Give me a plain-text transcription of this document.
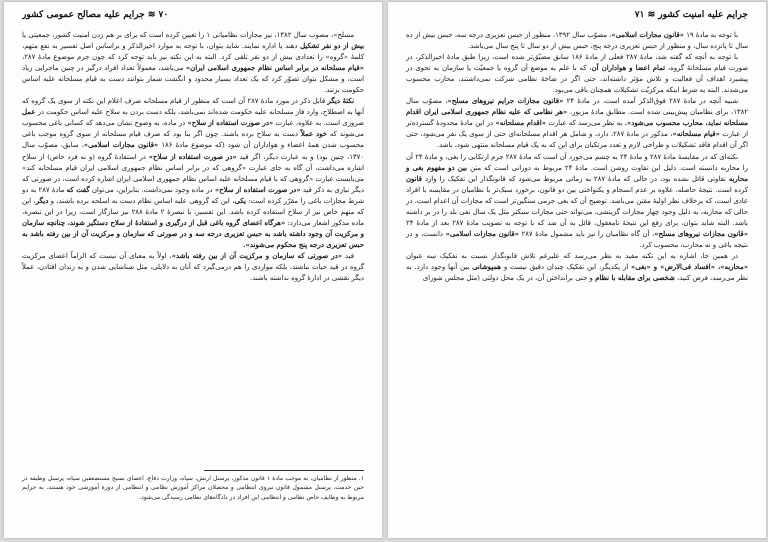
۷۰ ≋ جرایم علیه مصالح عمومی کشور

مسلح»، مصوب سال ۱۳۸۲، نیز مجازات نظامیانی ۱ را تعیین کرده است که برای بر هم زدن امنیت کشور، جمعیتی یا بیش از دو نفر تشکیل دهند یا اداره نمایند. شاید بتوان، با توجه به موارد اخیرالذکر و براساس اصل تفسیر به نفع متهم، کلمهٔ «گروه» را تعدادی بیش از دو نفر تلقی کرد. البته به این نکته نیز باید توجه کرد که چون جرم موضوع مادهٔ ۲۸۷، «قیام مسلحانه در برابر اساس نظام جمهوری اسلامی ایران» می‌باشد، معمولاً تعداد افراد درگیر در چنین ماجرایی زیاد است، و مشکل بتوان تصوّر کرد که یک تعداد بسیار محدود و انگشت شمار بتوانند دست به قیام مسلحانه علیه اساس حکومت بزنند.

نکتهٔ دیگر قابل ذکر در مورد مادهٔ ۲۸۷ آن است که منظور از قیام مسلحانه صرف اعلام این نکته از سوی یک گروه که آنها به اصطلاح، وارد فاز مسلحانه علیه حکومت شده‌اند نمی‌باشد، بلکه دست بردن به سلاح علیه اساس حکومت در عمل ضروری است. به علاوه، عبارت «در صورت استفاده از سلاح» در ماده، به وضوح نشان می‌دهد که کسانی باغی محسوب می‌شوند که خود عملاً دست به سلاح برده باشند. چون اگر بنا بود که صرف قیام مسلحانه از سوی گروه موجب باغی محسوب شدن همهٔ اعضاء و هواداران آن شود (که موضوع مادهٔ ۱۸۶ «قانون مجازات اسلامی»، سابق، مصوّب سال ۱۳۷۰، چنین بود) و به عبارت دیگر، اگر قید «در صورت استفاده از سلاح» در استفادهٔ گروه (و نه فرد خاص) از سلاح اشاره می‌داشت، آن گاه به جای عبارت «گروهی که در برابر اساس نظام جمهوری اسلامی ایران قیام مسلحانه کند» می‌بایست عبارت «گروهی که با قیام مسلحانه علیه اساس نظام جمهوری اسلامی ایران اشاره کرده است، در صورتی که دیگر نیازی به ذکر قید «در صورت استفاده از سلاح» در ماده وجود نمی‌داشت. بنابراین، می‌توان گفت که مادهٔ ۲۸۷ به دو شرط مجازات باغی را مقرّر کرده است: یکی، این که گروهی علیه اساس نظام دست به اسلحه برده باشند، و دیگر، این که متهم خاص نیز از سلاح استفاده کرده باشد. این تفسیر، با تبصرهٔ ۲ مادهٔ ۲۸۸ نیز سازگار است، زیرا در این تبصره، ماده مذکور اشعار می‌دارد: «هرگاه اعضای گروه باغی قبل از درگیری و استفادهٔ از سلاح دستگیر شوند، چنانچه سازمان و مرکزیت آن وجود داشته باشد به حبس تعزیری درجه سه و در صورتی که سازمان و مرکزیت آن از بین رفته باشد به حبس تعزیری درجه پنج محکوم می‌شوند».

قید «در صورتی که سازمان و مرکزیت آن از بین رفته باشد»، اولاً به معنای آن نیست که الزاماً اعضای مرکزیت گروه در قید حیات نباشند، بلکه مواردی را هم درمی‌گیرد که آنان به دلایلی، مثل شناسایی شدن و به زندان افتادن، عملاً دیگر نقشی در ادارهٔ گروه نداشته باشند.

۱. منظور از نظامیان، به موجب مادهٔ ۱ قانون مذکور، پرسنل ارتش، سپاه، وزارت دفاع، اعضای بسیج مستضعفین سپاه، پرسنل وظیفه در حین خدمت، پرسنل مشمول قانون نیروی انتظامی و محصلان مراکز آموزش نظامی و انتظامی از دورهٔ آموزشی خود هستند. به جرایم مربوط به وظایف خاص نظامی و انتظامی این افراد در دادگاه‌های نظامی رسیدگی می‌شود.
جرایم علیه امنیت کشور ≋ ۷۱

با توجه به مادهٔ ۱۹ «قانون مجازات اسلامی»، مصوّب سال ۱۳۹۲، منظور از حبس تعزیری درجه سه، حبس بیش از ده سال تا پانزده سال، و منظور از حبس تعزیری درجه پنج، حبس بیش از دو سال تا پنج سال می‌باشد.

با توجه به آنچه که گفته شد، مادهٔ ۲۸۷ فعلی از مادهٔ ۱۸۶ سابق مضیّق‌تر شده است، زیرا طبق مادهٔ اخیرالذکر، در صورت قیام مسلحانهٔ گروه، تمام اعضا و هواداران آن، که با علم به موضع آن گروه یا جمعیّت یا سازمان به نحوی در پیشبرد اهداف آن فعالیت و تلاش مؤثر داشته‌اند، حتی اگر در شاخهٔ نظامی شرکت نمی‌داشتند، محارب محسوب می‌شدند. البته به شرط اینکه مرکزیّت تشکیلات همچنان باقی می‌بود.

شبیه آنچه در مادهٔ ۲۸۷ فوق‌الذکر آمده است، در مادهٔ ۲۴ «قانون مجازات جرایم نیروهای مسلح»، مصوّب سال ۱۳۸۲، برای نظامیان پیش‌بینی شده است. مطابق مادهٔ مزبور، «هر نظامی که علیه نظام جمهوری اسلامی ایران اقدام مسلحانه نماید، محارب محسوب می‌شود». به نظر می‌رسد که عبارت «اقدام مسلحانه» در این مادهٔ محدودهٔ گسترده‌تر از عبارت «قیام مسلحانه»، مذکور در مادهٔ ۲۸۷، دارد، و شامل هر اقدام مسلحانه‌ای حتی از سوی یک نفر می‌شود، حتی اگر آن اقدام فاقد تشکیلات و طراحی لازم و تعدد مرتکبان برای این که به یک قیام مسلحانه منتهی شود، باشد.

نکته‌ای که در مقایسهٔ مادهٔ ۲۸۷ و مادهٔ ۲۴ به چشم می‌خورد آن است که مادهٔ ۲۸۷ جرم ارتکابی را بغی، و مادهٔ ۲۴ آن را محاربه دانسته است. دلیل این تفاوت روشن است. مادهٔ ۲۴ مربوط به دورانی است که متن بین دو مفهوم بغی و محاربه تفاوتی قائل نشده بود، در حالی که مادهٔ ۲۸۷ به زمانی مربوط می‌شود که قانونگذار این تفکیک را وارد قانون کرده است. نتیجهٔ حاصله، علاوه بر عدم انسجام و یکنواختی بین دو قانون، برخورد سبک‌تر با نظامیان در مقایسه با افراد عادی است، که برخلاف نظر اولیهٔ مقنن می‌باشد. توضیح آن که بغی جرمی سنگین‌تر است که مجازات آن اعدام است، در حالی که محاربه، به دلیل وجود چهار مجازات گزینشی، می‌تواند حتی مجازات سبکتر مثل یک سال نفی بلد را در بر داشته باشد. البته شاید بتوان، برای رفع این نتیجهٔ نامعقول، قائل به آن شد که با توجه به تصویب مادهٔ ۲۸۷ بعد از مادهٔ ۲۴ «قانون مجازات نیروهای مسلح»، آن گاه نظامیان را نیز باید مشمول مادهٔ ۲۸۷ «قانون مجازات اسلامی» دانست، و در نتیجه باغی و نه محارب، محسوب کرد.

در همین جا، اشاره به این نکته مفید به نظر می‌رسد که علیرغم تلاش قانونگذار نسبت به تفکیک سه عنوان «محاربه»، «افساد فی‌الارض» و «بغی» از یکدیگر، این تفکیک چندان دقیق نیست و همپوشانی بین آنها وجود دارد. به نظر می‌رسد، فرض کنید، شخصی برای مقابله با نظام و حتی برانداختن آن، در یک محل دولتی (مثل مجلس شورای
